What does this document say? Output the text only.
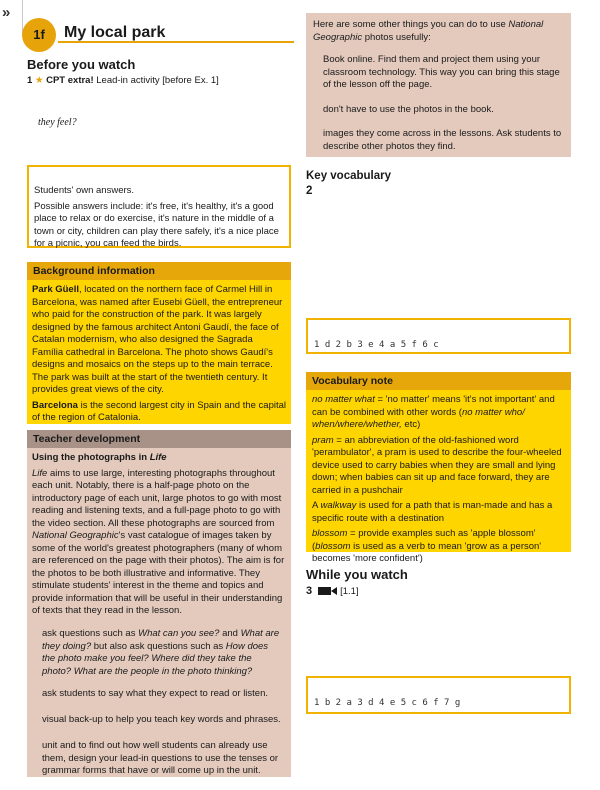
»
1f	My local park
Before you watch
1 ★ CPT extra! Lead-in activity [before Ex. 1]
they feel?

Students' own answers.

Possible answers include: it's free, it's healthy, it's a good place to relax or do exercise, it's nature in the middle of a town or city, children can play there safely, it's a nice place for a picnic, you can feed the birds.

Background information

Park Güell, located on the northern face of Carmel Hill in Barcelona, was named after Eusebi Güell, the entrepreneur who paid for the construction of the park. It was largely designed by the famous architect Antoni Gaudí, the face of Catalan modernism, who also designed the Sagrada Família cathedral in Barcelona. The photo shows Gaudí's designs and mosaics on the steps up to the main terrace. The park was built at the start of the twentieth century. It provides great views of the city.

Barcelona is the second largest city in Spain and the capital of the region of Catalonia.

Teacher development

Using the photographs in Life

Life aims to use large, interesting photographs throughout each unit. Notably, there is a half-page photo on the introductory page of each unit, large photos to go with most reading and listening texts, and a full-page photo to go with the video section. All these photographs are sourced from National Geographic's vast catalogue of images taken by some of the world's greatest photographers (many of whom are referenced on the page with their photos). The aim is for the photos to be both illustrative and informative. They stimulate students' interest in the theme and topics and provide information that will be useful in their understanding of texts that they read in the lesson.

ask questions such as What can you see? and What are they doing? but also ask questions such as How does the photo make you feel? Where did they take the photo? What are the people in the photo thinking?
ask students to say what they expect to read or listen.
visual back-up to help you teach key words and phrases.
unit and to find out how well students can already use them, design your lead-in questions to use the tenses or grammar forms that have or will come up in the unit.

Here are some other things you can do to use National Geographic photos usefully:

Book online. Find them and project them using your classroom technology. This way you can bring this stage of the lesson off the page.

don't have to use the photos in the book.

images they come across in the lessons. Ask students to describe other photos they find.

Key vocabulary
2
1 d 2 b 3 e 4 a 5 f 6 c
Vocabulary note

no matter what = 'no matter' means 'it's not important' and can be combined with other words (no matter who/ when/where/whether, etc)

pram = an abbreviation of the old-fashioned word 'perambulator', a pram is used to describe the four-wheeled device used to carry babies when they are small and lying down; when babies can sit up and face forward, they are carried in a pushchair

A walkway is used for a path that is man-made and has a specific route with a destination

blossom = provide examples such as 'apple blossom' (blossom is used as a verb to mean 'grow as a person' becomes 'more confident')

While you watch
3	[1.1]
1 b 2 a 3 d 4 e 5 c 6 f 7 g
